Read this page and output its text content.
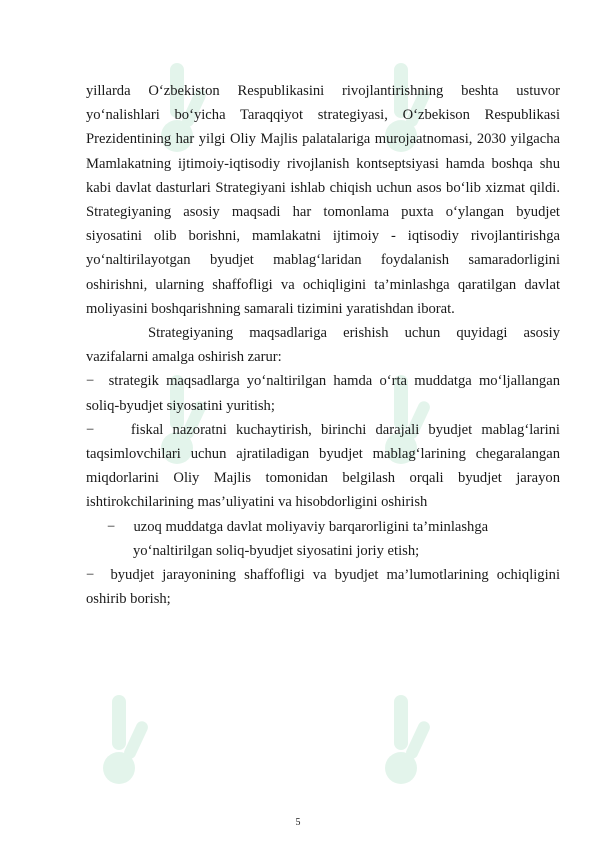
yillarda O‘zbekiston Respublikasini rivojlantirishning beshta ustuvor yo‘nalishlari bo‘yicha Taraqqiyot strategiyasi, O‘zbekison Respublikasi Prezidentining har yilgi Oliy Majlis palatalariga murojaatnomasi, 2030 yilgacha Mamlakatning ijtimoiy-iqtisodiy rivojlanish kontseptsiyasi hamda boshqa shu kabi davlat dasturlari Strategiyani ishlab chiqish uchun asos bo‘lib xizmat qildi. Strategiyaning asosiy maqsadi har tomonlama puxta o‘ylangan byudjet siyosatini olib borishni, mamlakatni ijtimoiy - iqtisodiy rivojlantirishga yo‘naltirilayotgan byudjet mablag‘laridan foydalanish samaradorligini oshirishni, ularning shaffofligi va ochiqligini ta’minlashga qaratilgan davlat moliyasini boshqarishning samarali tizimini yaratishdan iborat.

Strategiyaning maqsadlariga erishish uchun quyidagi asosiy vazifalarni amalga oshirish zarur:

− strategik maqsadlarga yo‘naltirilgan hamda o‘rta muddatga mo‘ljallangan soliq-byudjet siyosatini yuritish;

−	fiskal nazoratni kuchaytirish, birinchi darajali byudjet mablag‘larini taqsimlovchilari uchun ajratiladigan byudjet mablag‘larining chegaralangan miqdorlarini Oliy Majlis tomonidan belgilash orqali byudjet jarayon ishtirokchilarining mas’uliyatini va hisobdorligini oshirish

− uzoq muddatga davlat moliyaviy barqarorligini ta’minlashga
yo‘naltirilgan soliq-byudjet siyosatini joriy etish;

− byudjet jarayonining shaffofligi va byudjet ma’lumotlarining ochiqligini oshirib borish;

5
